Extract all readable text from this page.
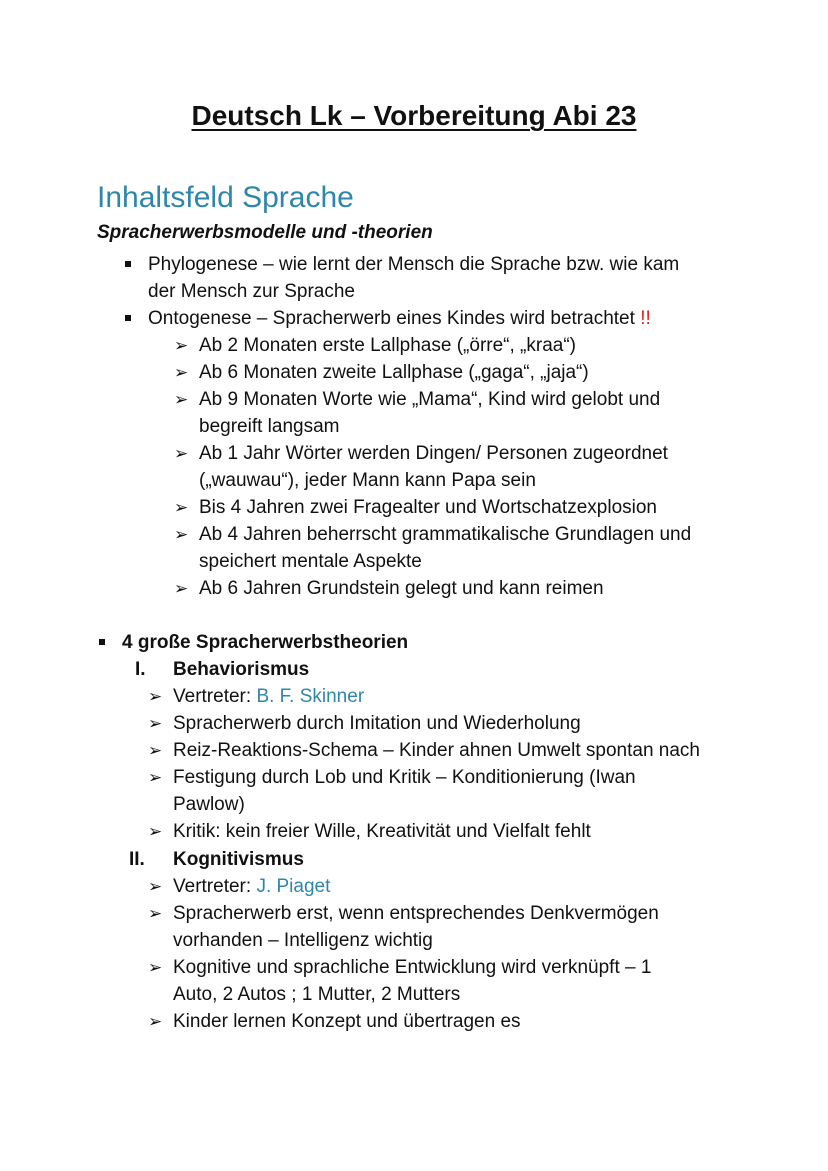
Deutsch Lk – Vorbereitung Abi 23
Inhaltsfeld Sprache
Spracherwerbsmodelle und -theorien
Phylogenese – wie lernt der Mensch die Sprache bzw. wie kam
der Mensch zur Sprache
Ontogenese – Spracherwerb eines Kindes wird betrachtet !!
➢ Ab 2 Monaten erste Lallphase („örre“, „kraa“)
➢ Ab 6 Monaten zweite Lallphase („gaga“, „jaja“)
➢ Ab 9 Monaten Worte wie „Mama“, Kind wird gelobt und
begreift langsam
➢ Ab 1 Jahr Wörter werden Dingen/ Personen zugeordnet
(„wauwau“), jeder Mann kann Papa sein
➢ Bis 4 Jahren zwei Fragealter und Wortschatzexplosion
➢ Ab 4 Jahren beherrscht grammatikalische Grundlagen und
speichert mentale Aspekte
➢ Ab 6 Jahren Grundstein gelegt und kann reimen
4 große Spracherwerbstheorien
I. Behaviorismus
➢ Vertreter: B. F. Skinner
➢ Spracherwerb durch Imitation und Wiederholung
➢ Reiz-Reaktions-Schema – Kinder ahnen Umwelt spontan nach
➢ Festigung durch Lob und Kritik – Konditionierung (Iwan
Pawlow)
➢ Kritik: kein freier Wille, Kreativität und Vielfalt fehlt
II. Kognitivismus
➢ Vertreter: J. Piaget
➢ Spracherwerb erst, wenn entsprechendes Denkvermögen
vorhanden – Intelligenz wichtig
➢ Kognitive und sprachliche Entwicklung wird verknüpft – 1
Auto, 2 Autos ; 1 Mutter, 2 Mutters
➢ Kinder lernen Konzept und übertragen es
